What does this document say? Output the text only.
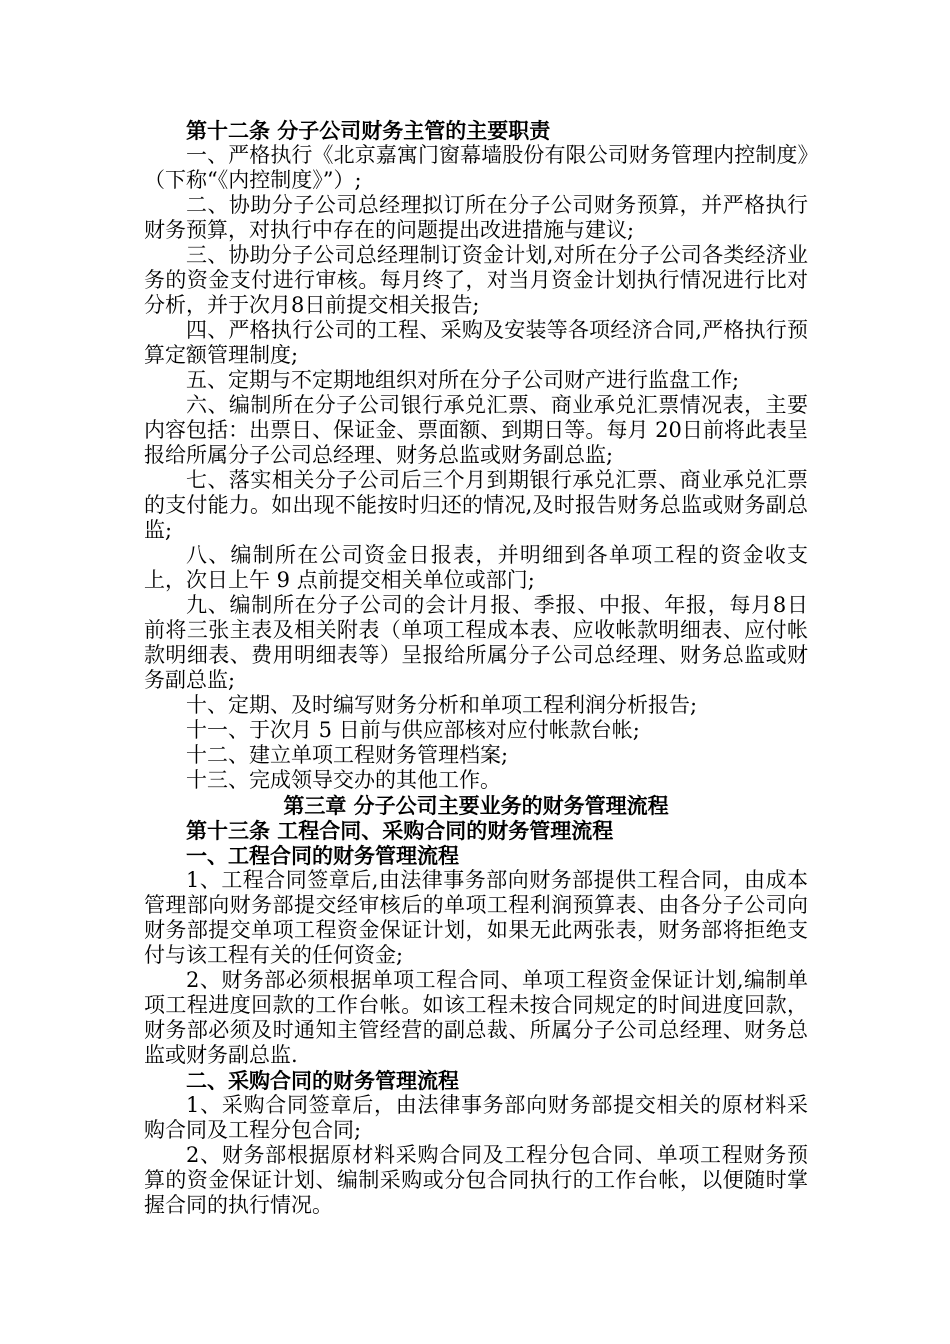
第十二条 分子公司财务主管的主要职责

一、严格执行《北京嘉寓门窗幕墙股份有限公司财务管理内控制度》（下称“《内控制度》”）;

二、协助分子公司总经理拟订所在分子公司财务预算，并严格执行财务预算，对执行中存在的问题提出改进措施与建议;

三、协助分子公司总经理制订资金计划,对所在分子公司各类经济业务的资金支付进行审核。每月终了，对当月资金计划执行情况进行比对分析，并于次月8日前提交相关报告;

四、严格执行公司的工程、采购及安装等各项经济合同,严格执行预算定额管理制度;

五、定期与不定期地组织对所在分子公司财产进行监盘工作;

六、编制所在分子公司银行承兑汇票、商业承兑汇票情况表，主要内容包括：出票日、保证金、票面额、到期日等。每月 20日前将此表呈报给所属分子公司总经理、财务总监或财务副总监;

七、落实相关分子公司后三个月到期银行承兑汇票、商业承兑汇票的支付能力。如出现不能按时归还的情况,及时报告财务总监或财务副总监;

八、编制所在公司资金日报表，并明细到各单项工程的资金收支上，次日上午 9 点前提交相关单位或部门;

九、编制所在分子公司的会计月报、季报、中报、年报，每月8日前将三张主表及相关附表（单项工程成本表、应收帐款明细表、应付帐款明细表、费用明细表等）呈报给所属分子公司总经理、财务总监或财务副总监;

十、定期、及时编写财务分析和单项工程利润分析报告;

十一、于次月 5 日前与供应部核对应付帐款台帐;

十二、建立单项工程财务管理档案;

十三、完成领导交办的其他工作。

第三章 分子公司主要业务的财务管理流程

第十三条 工程合同、采购合同的财务管理流程

一、工程合同的财务管理流程

1、工程合同签章后,由法律事务部向财务部提供工程合同，由成本管理部向财务部提交经审核后的单项工程利润预算表、由各分子公司向财务部提交单项工程资金保证计划，如果无此两张表，财务部将拒绝支付与该工程有关的任何资金;

2、财务部必须根据单项工程合同、单项工程资金保证计划,编制单项工程进度回款的工作台帐。如该工程未按合同规定的时间进度回款，财务部必须及时通知主管经营的副总裁、所属分子公司总经理、财务总监或财务副总监.

二、采购合同的财务管理流程

1、采购合同签章后，由法律事务部向财务部提交相关的原材料采购合同及工程分包合同;

2、财务部根据原材料采购合同及工程分包合同、单项工程财务预算的资金保证计划、编制采购或分包合同执行的工作台帐，以便随时掌握合同的执行情况。
